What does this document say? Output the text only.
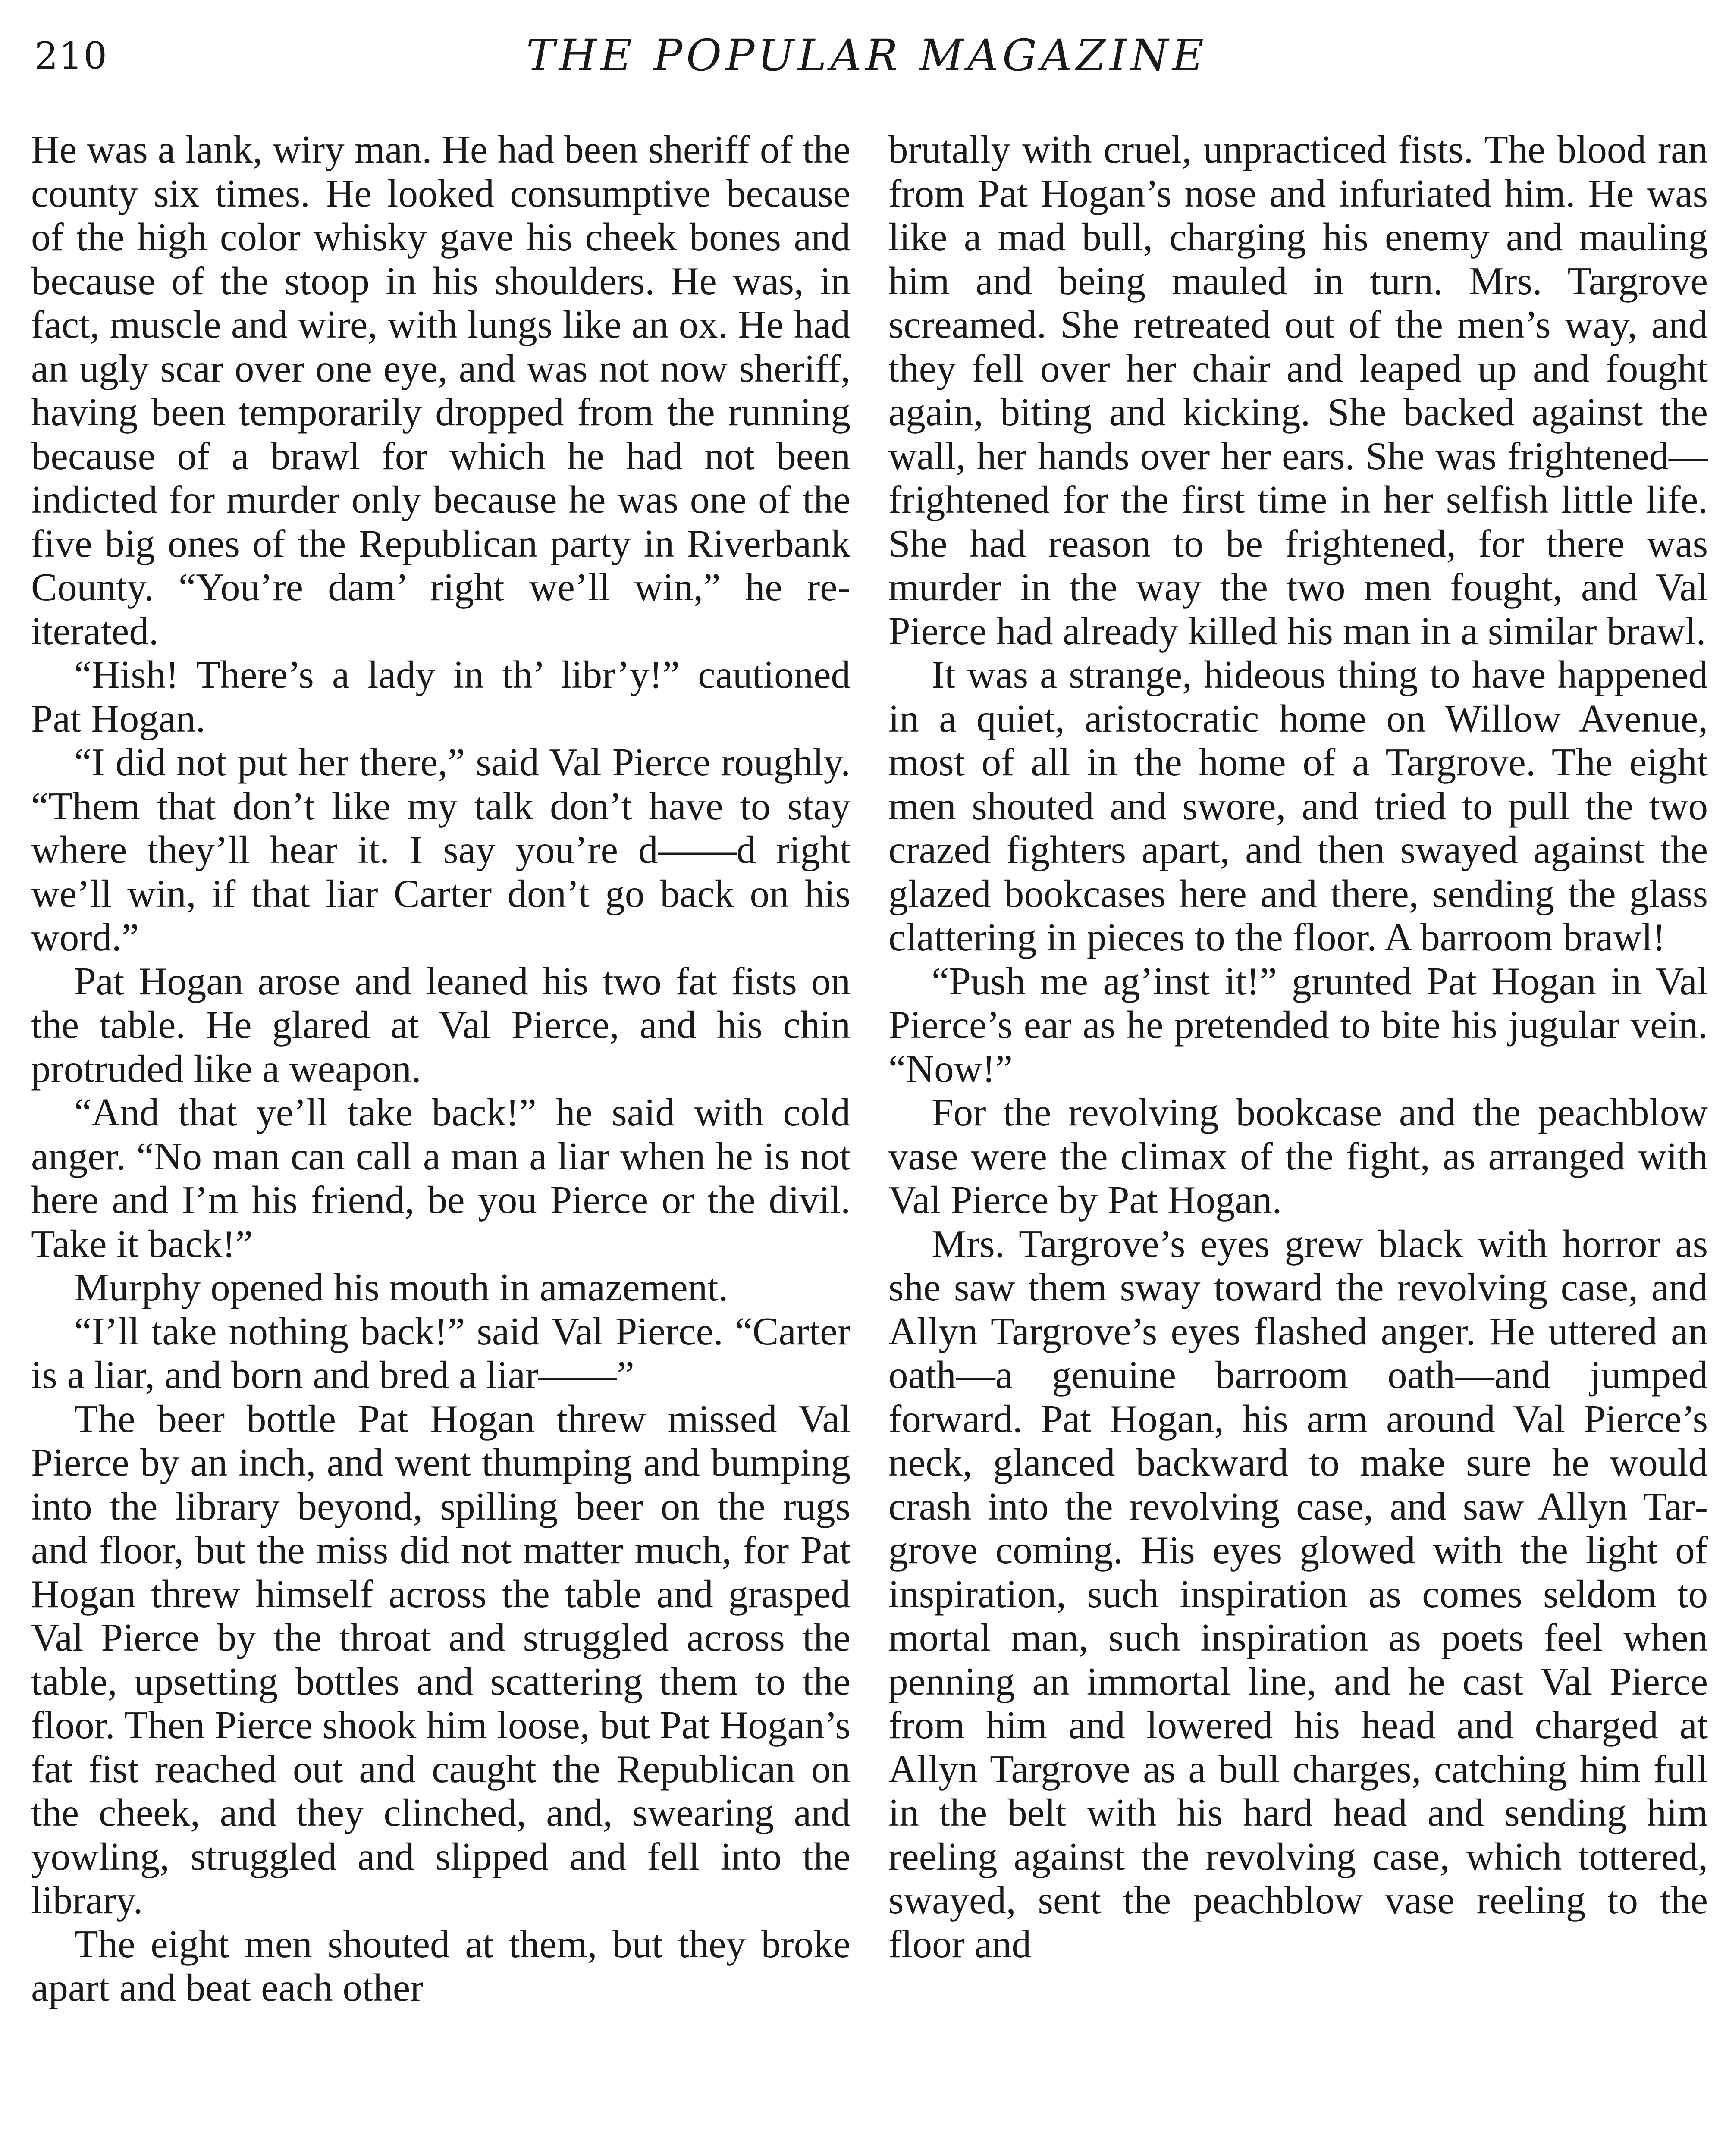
210	THE POPULAR MAGAZINE

He was a lank, wiry man. He had been sheriff of the county six times. He looked consumptive because of the high color whisky gave his cheek bones and because of the stoop in his shoulders. He was, in fact, muscle and wire, with lungs like an ox. He had an ugly scar over one eye, and was not now sheriff, having been temporarily dropped from the running because of a brawl for which he had not been indicted for murder only because he was one of the five big ones of the Republican party in Riverbank County. “You’re dam’ right we’ll win,” he reiterated.

“Hish! There’s a lady in th’ libr’y!” cautioned Pat Hogan.

“I did not put her there,” said Val Pierce roughly. “Them that don’t like my talk don’t have to stay where they’ll hear it. I say you’re d——d right we’ll win, if that liar Carter don’t go back on his word.”

Pat Hogan arose and leaned his two fat fists on the table. He glared at Val Pierce, and his chin protruded like a weapon.

“And that ye’ll take back!” he said with cold anger. “No man can call a man a liar when he is not here and I’m his friend, be you Pierce or the divil. Take it back!”

Murphy opened his mouth in amazement.

“I’ll take nothing back!” said Val Pierce. “Carter is a liar, and born and bred a liar——”

The beer bottle Pat Hogan threw missed Val Pierce by an inch, and went thumping and bumping into the library beyond, spilling beer on the rugs and floor, but the miss did not matter much, for Pat Hogan threw himself across the table and grasped Val Pierce by the throat and struggled across the table, upsetting bottles and scattering them to the floor. Then Pierce shook him loose, but Pat Hogan’s fat fist reached out and caught the Republican on the cheek, and they clinched, and, swearing and yowling, struggled and slipped and fell into the library.

The eight men shouted at them, but they broke apart and beat each other

brutally with cruel, unpracticed fists. The blood ran from Pat Hogan’s nose and infuriated him. He was like a mad bull, charging his enemy and mauling him and being mauled in turn. Mrs. Targrove screamed. She retreated out of the men’s way, and they fell over her chair and leaped up and fought again, biting and kicking. She backed against the wall, her hands over her ears. She was frightened—frightened for the first time in her selfish little life. She had reason to be frightened, for there was murder in the way the two men fought, and Val Pierce had already killed his man in a similar brawl.

It was a strange, hideous thing to have happened in a quiet, aristocratic home on Willow Avenue, most of all in the home of a Targrove. The eight men shouted and swore, and tried to pull the two crazed fighters apart, and then swayed against the glazed bookcases here and there, sending the glass clattering in pieces to the floor. A barroom brawl!

“Push me ag’inst it!” grunted Pat Hogan in Val Pierce’s ear as he pretended to bite his jugular vein. “Now!”

For the revolving bookcase and the peachblow vase were the climax of the fight, as arranged with Val Pierce by Pat Hogan.

Mrs. Targrove’s eyes grew black with horror as she saw them sway toward the revolving case, and Allyn Targrove’s eyes flashed anger. He uttered an oath—a genuine barroom oath—and jumped forward. Pat Hogan, his arm around Val Pierce’s neck, glanced backward to make sure he would crash into the revolving case, and saw Allyn Targrove coming. His eyes glowed with the light of inspiration, such inspiration as comes seldom to mortal man, such inspiration as poets feel when penning an immortal line, and he cast Val Pierce from him and lowered his head and charged at Allyn Targrove as a bull charges, catching him full in the belt with his hard head and sending him reeling against the revolving case, which tottered, swayed, sent the peachblow vase reeling to the floor and
